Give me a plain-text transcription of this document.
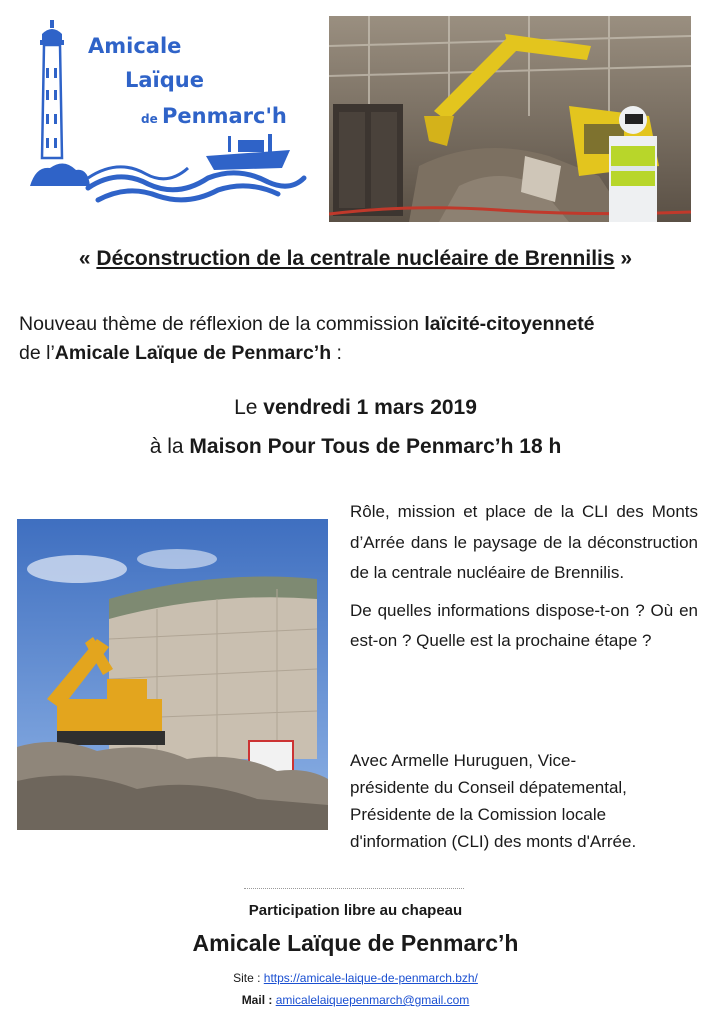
Amicale
Laïque
de Penmarc'h
« Déconstruction de la centrale nucléaire de Brennilis »
Nouveau thème de réflexion de la commission laïcité-citoyenneté
de l’Amicale Laïque de Penmarc’h :
Le vendredi 1 mars 2019
à la Maison Pour Tous de Penmarc’h 18 h

Rôle, mission et place de la CLI des Monts d’Arrée dans le paysage de la déconstruction de la centrale nucléaire de Brennilis.

De quelles informations dispose-t-on ? Où en est-on ? Quelle est la prochaine étape ?

Avec Armelle Huruguen, Vice-
présidente du Conseil dépatemental,
Présidente de la Comission locale
d'information (CLI) des monts d'Arrée.
Participation libre au chapeau
Amicale Laïque de Penmarc’h
Site : https://amicale-laique-de-penmarch.bzh/
Mail : amicalelaiquepenmarch@gmail.com
